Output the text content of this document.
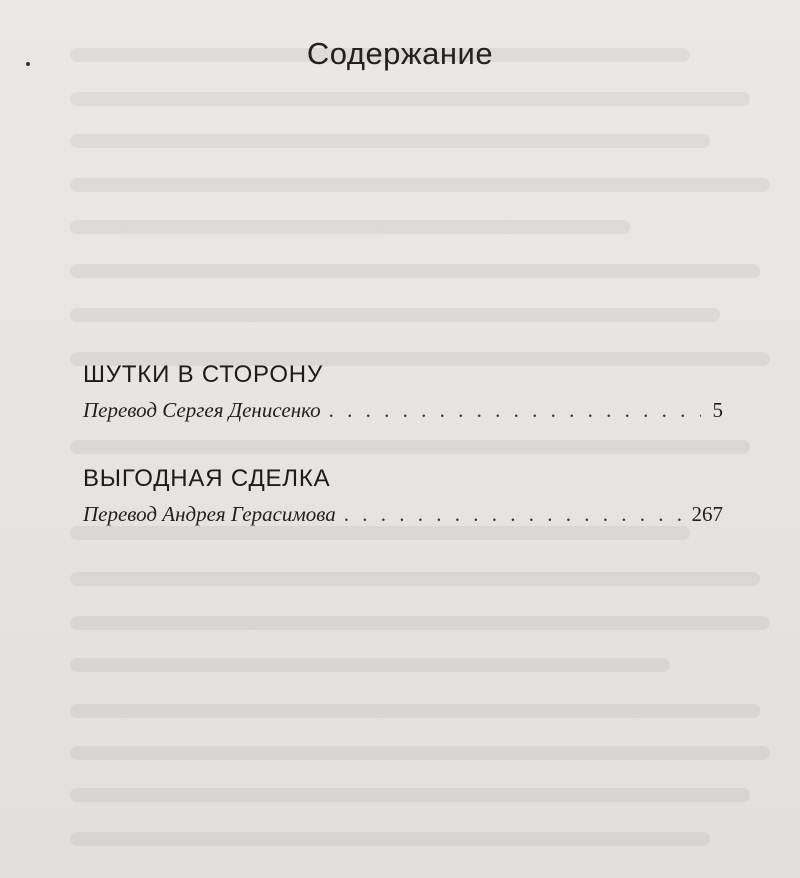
Содержание
ШУТКИ В СТОРОНУ
Перевод Сергея Денисенко . . .	5
ВЫГОДНАЯ СДЕЛКА
Перевод Андрея Герасимова . . .	267
